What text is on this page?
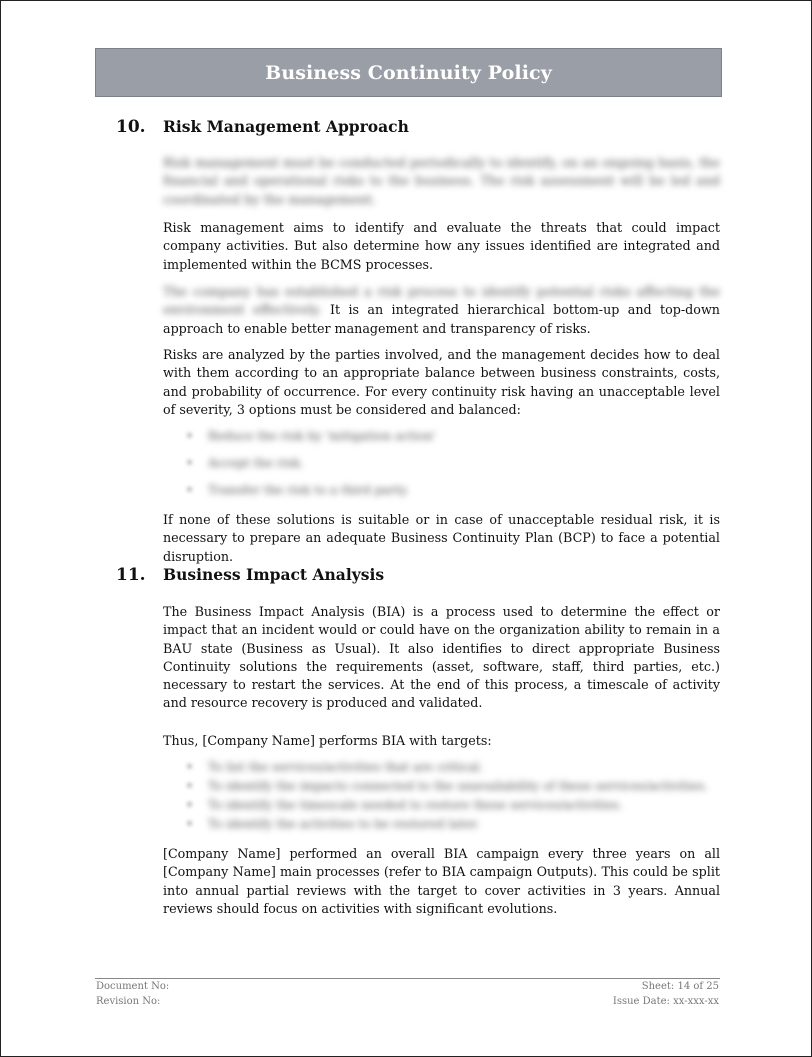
Business Continuity Policy
10.	Risk Management Approach

Risk management must be conducted periodically to identify, on an ongoing basis, the financial and operational risks to the business. The risk assessment will be led and coordinated by the management.

Risk management aims to identify and evaluate the threats that could impact company activities. But also determine how any issues identified are integrated and implemented within the BCMS processes.

The company has established a risk process to identify potential risks affecting the environment effectively. It is an integrated hierarchical bottom-up and top-down approach to enable better management and transparency of risks.

Risks are analyzed by the parties involved, and the management decides how to deal with them according to an appropriate balance between business constraints, costs, and probability of occurrence. For every continuity risk having an unacceptable level of severity, 3 options must be considered and balanced:

• Reduce the risk by 'mitigation action'
• Accept the risk.
• Transfer the risk to a third party.

If none of these solutions is suitable or in case of unacceptable residual risk, it is necessary to prepare an adequate Business Continuity Plan (BCP) to face a potential disruption.

11.	Business Impact Analysis

The Business Impact Analysis (BIA) is a process used to determine the effect or impact that an incident would or could have on the organization ability to remain in a BAU state (Business as Usual). It also identifies to direct appropriate Business Continuity solutions the requirements (asset, software, staff, third parties, etc.) necessary to restart the services. At the end of this process, a timescale of activity and resource recovery is produced and validated.

Thus, [Company Name] performs BIA with targets:

• To list the services/activities that are critical.
• To identify the impacts connected to the unavailability of these services/activities.
• To identify the timescale needed to restore these services/activities.
• To identify the activities to be restored later.

[Company Name] performed an overall BIA campaign every three years on all [Company Name] main processes (refer to BIA campaign Outputs). This could be split into annual partial reviews with the target to cover activities in 3 years. Annual reviews should focus on activities with significant evolutions.

Document No:
Revision No:
Sheet: 14 of 25
Issue Date: xx-xxx-xx
